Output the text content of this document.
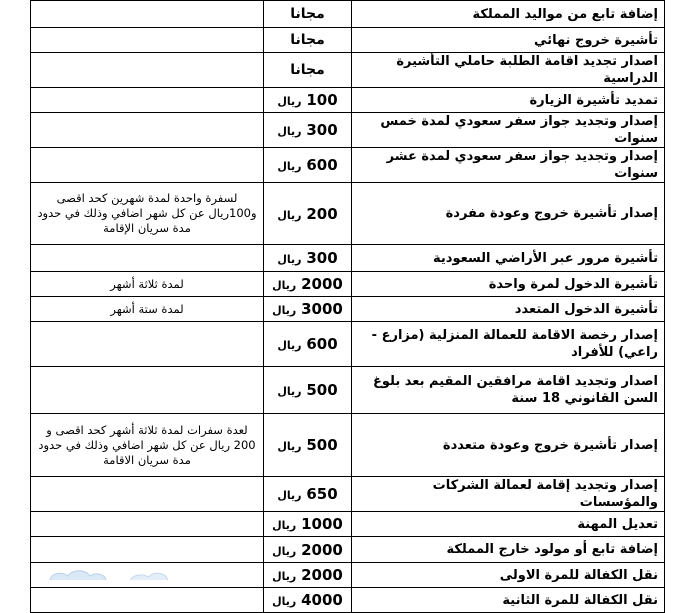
	مجانا	إضافة تابع من مواليد المملكة
	مجانا	تأشيرة خروج نهائي
	مجانا	اصدار تجديد اقامة الطلبة حاملي التأشيرة الدراسية
	100 ريال	تمديد تأشيرة الزيارة
	300 ريال	إصدار وتجديد جواز سفر سعودي لمدة خمس سنوات
	600 ريال	إصدار وتجديد جواز سفر سعودي لمدة عشر سنوات
لسفرة واحدة لمدة شهرين كحد اقصى و100ريال عن كل شهر اضافي وذلك في حدود مدة سريان الإقامة	200 ريال	إصدار تأشيرة خروج وعودة مفردة
	300 ريال	تأشيرة مرور عبر الأراضي السعودية
لمدة ثلاثة أشهر	2000 ريال	تأشيرة الدخول لمرة واحدة
لمدة ستة أشهر	3000 ريال	تأشيرة الدخول المتعدد
	600 ريال	إصدار رخصة الاقامة للعمالة المنزلية (مزارع - راعي) للأفراد
	500 ريال	اصدار وتجديد اقامة مرافقين المقيم بعد بلوغ السن القانوني 18 سنة
لعدة سفرات لمدة ثلاثة أشهر كحد اقصى و 200 ريال عن كل شهر اضافي وذلك في حدود مدة سريان الاقامة	500 ريال	إصدار تأشيرة خروج وعودة متعددة
	650 ريال	إصدار وتجديد إقامة لعمالة الشركات والمؤسسات
	1000 ريال	تعديل المهنة
	2000 ريال	إضافة تابع أو مولود خارج المملكة
	2000 ريال	نقل الكفالة للمرة الاولى
	4000 ريال	نقل الكفالة للمرة الثانية
